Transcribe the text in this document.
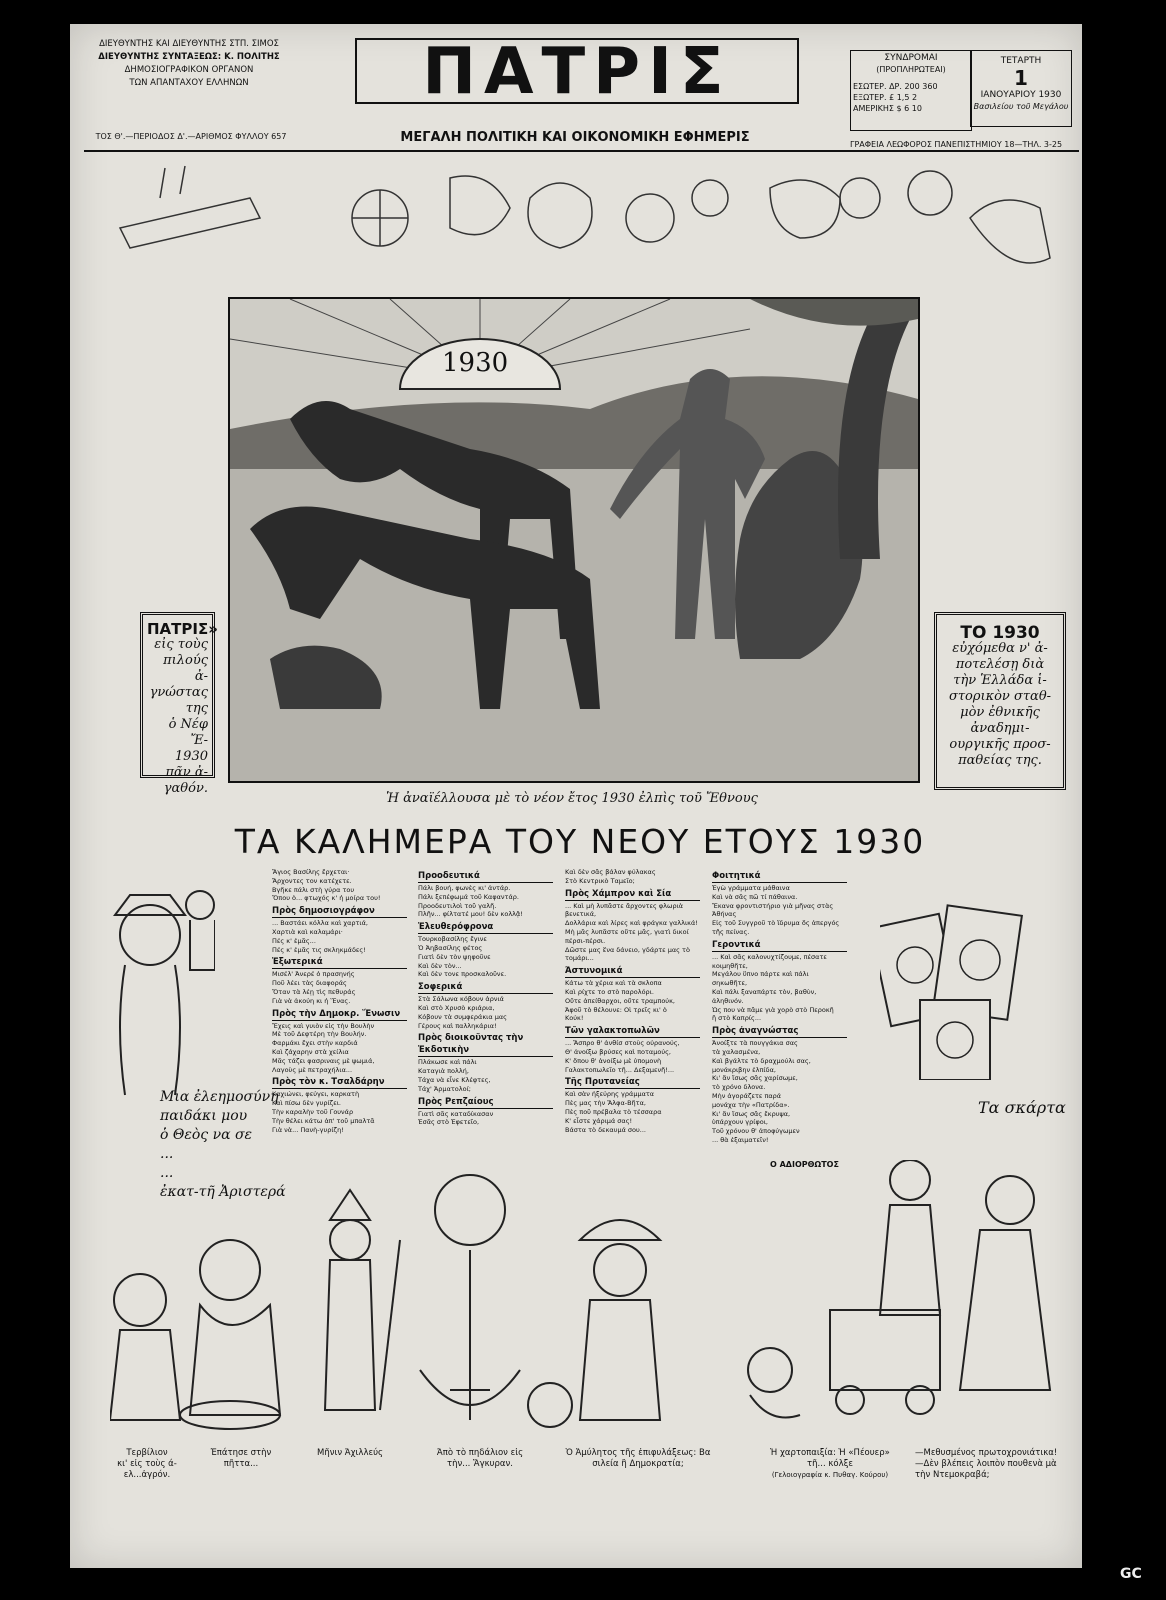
ΔΙΕΥΘΥΝΤΗΣ ΚΑΙ ΔΙΕΥΘΥΝΤΗΣ ΣΤΠ. ΣΙΜΟΣ
ΔΙΕΥΘΥΝΤΗΣ ΣΥΝΤΑΞΕΩΣ: Κ. ΠΟΛΙΤΗΣ
ΔΗΜΟΣΙΟΓΡΑΦΙΚΟΝ ΟΡΓΑΝΟΝ
ΤΩΝ ΑΠΑΝΤΑΧΟΥ ΕΛΛΗΝΩΝ
ΤΟΣ Θ'.—ΠΕΡΙΟΔΟΣ Δ'.—ΑΡΙΘΜΟΣ ΦΥΛΛΟΥ 657
ΠΑΤΡΙΣ
ΜΕΓΑΛΗ ΠΟΛΙΤΙΚΗ ΚΑΙ ΟΙΚΟΝΟΜΙΚΗ ΕΦΗΜΕΡΙΣ
ΣΥΝΔΡΟΜΑΙ
(ΠΡΟΠΛΗΡΩΤΕΑΙ)
ΕΣΩΤΕΡ. ΔΡ. 200 360
ΕΞΩΤΕΡ. £ 1,5 2
ΑΜΕΡΙΚΗΣ $ 6 10
ΤΕΤΑΡΤΗ
1
ΙΑΝΟΥΑΡΙΟΥ 1930
Βασιλείου τοῦ Μεγάλου
ΓΡΑΦΕΙΑ ΛΕΩΦΟΡΟΣ ΠΑΝΕΠΙΣΤΗΜΙΟΥ 18—ΤΗΛ. 3-25
1930
Ἡ ἀναϊέλλουσα μὲ τὸ νέον ἔτος 1930 ἐλπὶς τοῦ Ἔθνους
ΠΑΤΡΙΣ»
εἰς τοὺς
πιλούς ἀ-
γνώστας της
ὁ Νέφ Ἔ-
1930 πᾶν ἀ-
γαθόν.
ΤΟ 1930
εὐχόμεθα ν' ἀ-
ποτελέσῃ διὰ
τὴν Ἑλλάδα ἱ-
στορικὸν σταθ-
μὸν ἐθνικῆς ἀναδημι-
ουργικῆς προσ-
παθείας της.
ΤΑ ΚΑΛΗΜΕΡΑ ΤΟΥ ΝΕΟΥ ΕΤΟΥΣ 1930
Ἅγιος Βασίλης ἔρχεται·
Ἄρχοντες τον κατέχετε.
Βγῆκε πάλι στὴ γύρα του
Ὅπου ὁ... φτωχός κ' ἡ μοίρα του!
Πρὸς δημοσιογράφον
... Βαστάει κόλλα καὶ χαρτιά,
Χαρτιὰ καὶ καλαμάρι·
Πές κ' ἐμᾶς...
Πές κ' ἐμᾶς τις σκληκμάδες!
Ἐξωτερικά
Μισέλ' Ἀνερέ ὁ πρασηνής
Ποῦ λέει τὰς διαφοράς
Ὅταν τὰ λέῃ τὶς πεθυράς
Γιὰ νὰ ἀκούη κι ἡ Ἕνας.
Πρὸς τὴν Δημοκρ. Ἕνωσιν
Ἔχεις καὶ γυιὸν εἰς τὴν Βουλὴν
Μὲ τοῦ Δεφτέρη τὴν Βουλήν.
Φαρμάκι ἔχει στὴν καρδιά
Καὶ ζάχαρην στὰ χείλια
Μᾶς τάζει φασριναις μὲ ψωμιά,
Λαγοὺς μὲ πετραχήλια...
Πρὸς τὸν κ. Τσαλδάρην
Καχιώνει, φεύγει, καρκατὴ
Καὶ πίσω δὲν γυρίζει.
Τὴν καραλὴν τοῦ Γουνάρ
Τὴν θέλει κάτω ἀπ' τοῦ μπαλτᾶ
Γιὰ νὰ... Πανὴ-γυρίζη!
Προοδευτικά
Πάλι βουή, φωνὲς κι' ἀντάρ.
Πάλι ξεπέφωμά τοῦ Καφαντάρ.
Προοδευτιλοὶ τοῦ γαλῆ.
Πλῆν... φίλτατέ μου! δὲν κολλᾷ!
Ἐλευθερόφρονα
Τουρκοβασίλης ἔγινε
Ὁ Ἀηβασίλης φέτος
Γιατὶ δὲν τὸν ψηφοῦνε
Καὶ δὲν τὸν...
Καὶ δὲν τονε προσκαλοῦνε.
Σοφερικά
Στὰ Σάλωνα κόβουν ἀρνιά
Καὶ στὸ Χρυσὸ κριάρια,
Κόβουν τὰ συμφεράκια μας
Γέρους καὶ παλληκάρια!
Πρὸς διοικοῦντας τὴν Ἐκδοτικὴν
Πλάκωσε καὶ πάλι
Καταγιὰ πολλή,
Τάχα νὰ εἶνε Κλέφτες,
Τάχ' Ἀρματολοί;
Πρὸς Ρεπζαίους
Γιατὶ σᾶς καταδίκασαν
Ἐσᾶς στὸ Ἐφετεῖο,
Καὶ δὲν σᾶς βάλαν φύλακας
Στὸ Κεντρικὸ Ταμεῖο;
Πρὸς Χάμπρον καὶ Σία
... Καὶ μὴ λυπᾶστε ἄρχοντες φλωριὰ
βενετικά,
Δολλάρια καὶ λίρες καὶ φράγκα γαλλικά!
Μὴ μᾶς λυπᾶστε οὔτε μᾶς, γιατὶ δικοί
πέρσι-πέρσι.
Δῶστε μας ἕνα δάνειο, γδάρτε μας τὸ
τομάρι...
Ἀστυνομικά
Κάτω τὰ χέρια καὶ τὰ σκλοπα
Καὶ ρίχτε το στὸ παρολόρι.
Οὔτε ἀπείθαρχοι, οὔτε τραμπούκ,
Ἀφοῦ τὸ θέλουνε: Οἱ τρεῖς κι' ὁ
Κούκ!
Τῶν γαλακτοπωλῶν
... Ἄσπρο θ' ἀνθίσ στοὺς οὐρανούς,
Θ' ἀνοίξω βρύσες καὶ ποταμούς,
Κ' ὅπου θ' ἀνοίξω μὲ ὑπομονὴ
Γαλακτοπωλεῖο τῆ... Δεξαμενῆ!...
Τῆς Πρυτανείας
Καὶ σὰν ἠξεύρης γράμματα
Πὲς μας τὴν Ἄλφα-Βῆτα,
Πὲς ποῦ πρέβαλα τὸ τέσσαρα
Κ' εἶστε χάριμά σας!
Βάστα τὸ δεκαυμά σου...
Φοιτητικά
Ἐγὼ γράμματα μάθαινα
Καὶ νὰ σᾶς πῶ τί πάθαινα.
Ἔκανα φροντιστήριο γιὰ μῆνας στὰς
Ἀθήνας
Εἰς τοῦ Συγγροῦ τὸ ἵδρυμα ὅς ἀπεργός
τῆς πείνας.
Γεροντικά
... Καὶ σᾶς καλονυχτίζουμε, πέσατε
κοιμηθῆτε,
Μεγάλου ὕπνο πάρτε καὶ πάλι
σηκωθῆτε,
Καὶ πάλι ξαναπάρτε τὸν, βαθὺν,
ἀληθινόν.
Ὡς που νὰ πᾶμε γιὰ χορὸ στὸ Περοκῆ
ἢ στὸ Καπρίς...
Πρὸς ἀναγνώστας
Ἀνοίξτε τὰ πουγγάκια σας
τὰ χαλασμένα,
Καὶ βγάλτε τὸ δραχμούλι σας,
μονάκριβην ἐλπίδα,
Κι' ἄν ἴσως σᾶς χαρίσωμε,
τὸ χρόνο δλονα.
Μὴν ἀγοράζετε παρά
μονάχα τὴν «Πατρίδα».
Κι' ἄν ἴσως σᾶς ἔκρυψα,
ὑπάρχουν γρίφοι,
Τοῦ χρόνου θ' ἀποφύγωμεν
... θὰ ἐξαιματεῖν!
Ο ΑΔΙΟΡΘΩΤΟΣ
Μια ἐλεημοσύνη
παιδάκι μου
ὁ Θεὸς να σε
...
...
ἐκατ-τῆ Ἀριστερά
Τα σκάρτα
Τερβίλιον
κι' εἰς τοὺς ά-
ελ...ἀγρόν.
Ἐπάτησε στὴν
πῆττα...
Μῆνιν Ἀχιλλεύς	Ἀπὸ τὸ πηδάλιον εἰς
τὴν... Ἄγκυραν.
Ὁ Ἀμύλητος τῆς ἐπιφυλάξεως: Βα
σιλεία ἢ Δημοκρατία;
Ἡ χαρτοπαιξία: Ἡ «Πέουερ»
τῆ... κόλξε
(Γελοιογραφία κ. Πυθαγ. Κούρου)
—Μεθυσμένος πρωτοχρονιάτικα!
—Δὲν βλέπεις λοιπὸν πουθενὰ μὰ
τὴν Ντεμοκραβά;
GC
